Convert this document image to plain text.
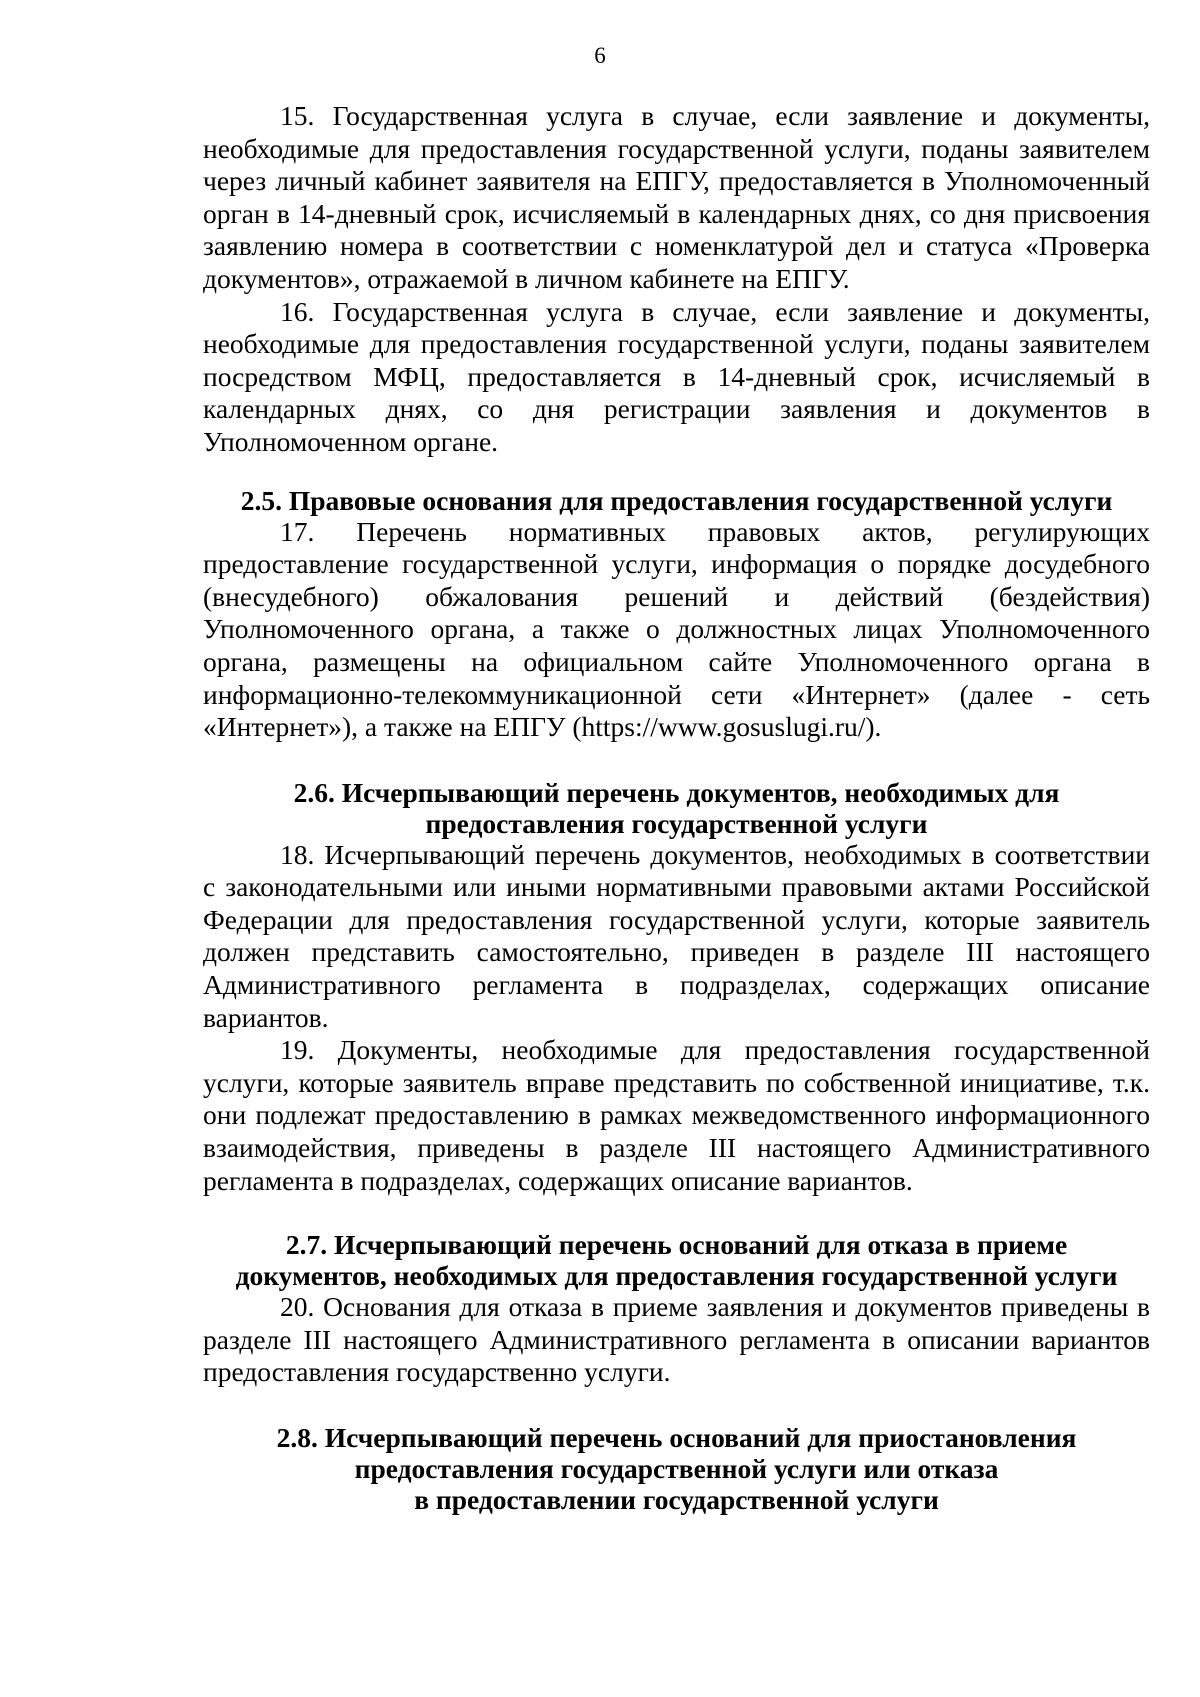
6

15. Государственная услуга в случае, если заявление и документы, необходимые для предоставления государственной услуги, поданы заявителем через личный кабинет заявителя на ЕПГУ, предоставляется в Уполномоченный орган в 14-дневный срок, исчисляемый в календарных днях, со дня присвоения заявлению номера в соответствии с номенклатурой дел и статуса «Проверка документов», отражаемой в личном кабинете на ЕПГУ.

16. Государственная услуга в случае, если заявление и документы, необходимые для предоставления государственной услуги, поданы заявителем посредством МФЦ, предоставляется в 14-дневный срок, исчисляемый в календарных днях, со дня регистрации заявления и документов в Уполномоченном органе.

2.5. Правовые основания для предоставления государственной услуги

17. Перечень нормативных правовых актов, регулирующих предоставление государственной услуги, информация о порядке досудебного (внесудебного) обжалования решений и действий (бездействия) Уполномоченного органа, а также о должностных лицах Уполномоченного органа, размещены на официальном сайте Уполномоченного органа в информационно-телекоммуникационной сети «Интернет» (далее - сеть «Интернет»), а также на ЕПГУ (https://www.gosuslugi.ru/).

2.6. Исчерпывающий перечень документов, необходимых для
предоставления государственной услуги

18. Исчерпывающий перечень документов, необходимых в соответствии с законодательными или иными нормативными правовыми актами Российской Федерации для предоставления государственной услуги, которые заявитель должен представить самостоятельно, приведен в разделе III настоящего Административного регламента в подразделах, содержащих описание вариантов.

19. Документы, необходимые для предоставления государственной услуги, которые заявитель вправе представить по собственной инициативе, т.к. они подлежат предоставлению в рамках межведомственного информационного взаимодействия, приведены в разделе III настоящего Административного регламента в подразделах, содержащих описание вариантов.

2.7. Исчерпывающий перечень оснований для отказа в приеме
документов, необходимых для предоставления государственной услуги

20. Основания для отказа в приеме заявления и документов приведены в разделе III настоящего Административного регламента в описании вариантов предоставления государственно услуги.

2.8. Исчерпывающий перечень оснований для приостановления
предоставления государственной услуги или отказа
в предоставлении государственной услуги
